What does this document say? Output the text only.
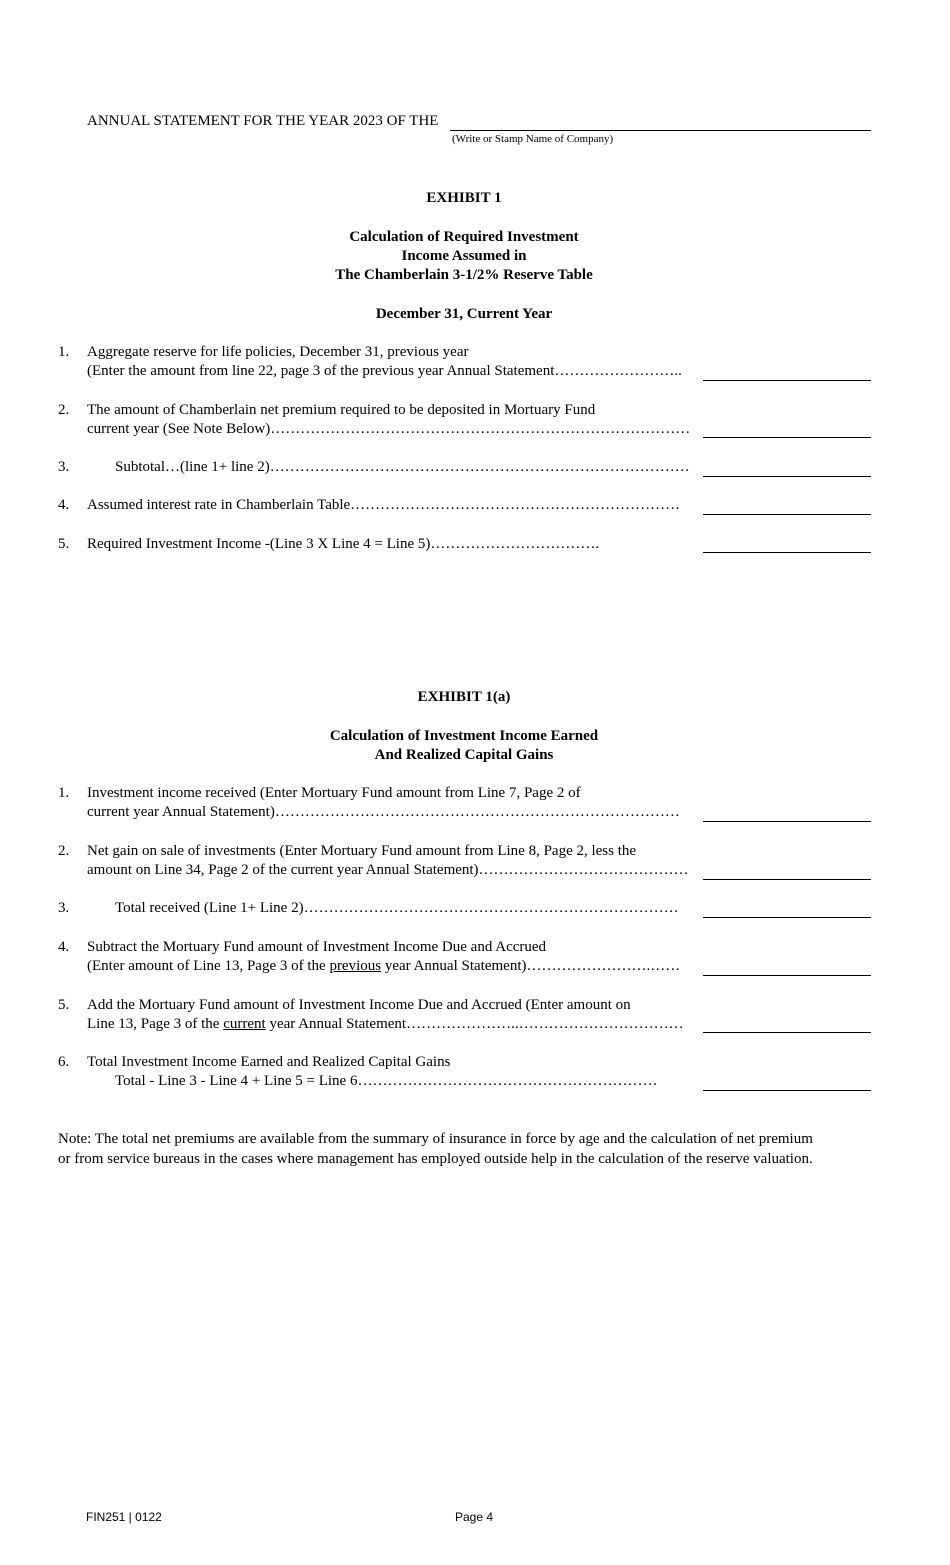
ANNUAL STATEMENT FOR THE YEAR 2023 OF THE
(Write or Stamp Name of Company)
EXHIBIT 1
Calculation of Required Investment
Income Assumed in
The Chamberlain 3-1/2% Reserve Table
December 31, Current Year
1. Aggregate reserve for life policies, December 31, previous year
(Enter the amount from line 22, page 3 of the previous year Annual Statement……………………..
2. The amount of Chamberlain net premium required to be deposited in Mortuary Fund
current year (See Note Below)…………………………………………………………………………
3.	Subtotal…(line 1+ line 2)…………………………………………………………………………
4. Assumed interest rate in Chamberlain Table…………………………………………………………
5. Required Investment Income -(Line 3 X Line 4 = Line 5)…………………………….
EXHIBIT 1(a)
Calculation of Investment Income Earned
And Realized Capital Gains
1. Investment income received (Enter Mortuary Fund amount from Line 7, Page 2 of
current year Annual Statement)………………………………………………………………………
2. Net gain on sale of investments (Enter Mortuary Fund amount from Line 8, Page 2, less the
amount on Line 34, Page 2 of the current year Annual Statement)……………………………………
3.	Total received (Line 1+ Line 2)…………………………………………………………………
4. Subtract the Mortuary Fund amount of Investment Income Due and Accrued
(Enter amount of Line 13, Page 3 of the previous year Annual Statement)…………………….……
5. Add the Mortuary Fund amount of Investment Income Due and Accrued (Enter amount on
Line 13, Page 3 of the current year Annual Statement…………………..……………………………
6. Total Investment Income Earned and Realized Capital Gains
Total - Line 3 - Line 4 + Line 5 = Line 6……………………………………………………
Note: The total net premiums are available from the summary of insurance in force by age and the calculation of net premium
or from service bureaus in the cases where management has employed outside help in the calculation of the reserve valuation.
FIN251 | 0122	Page 4
